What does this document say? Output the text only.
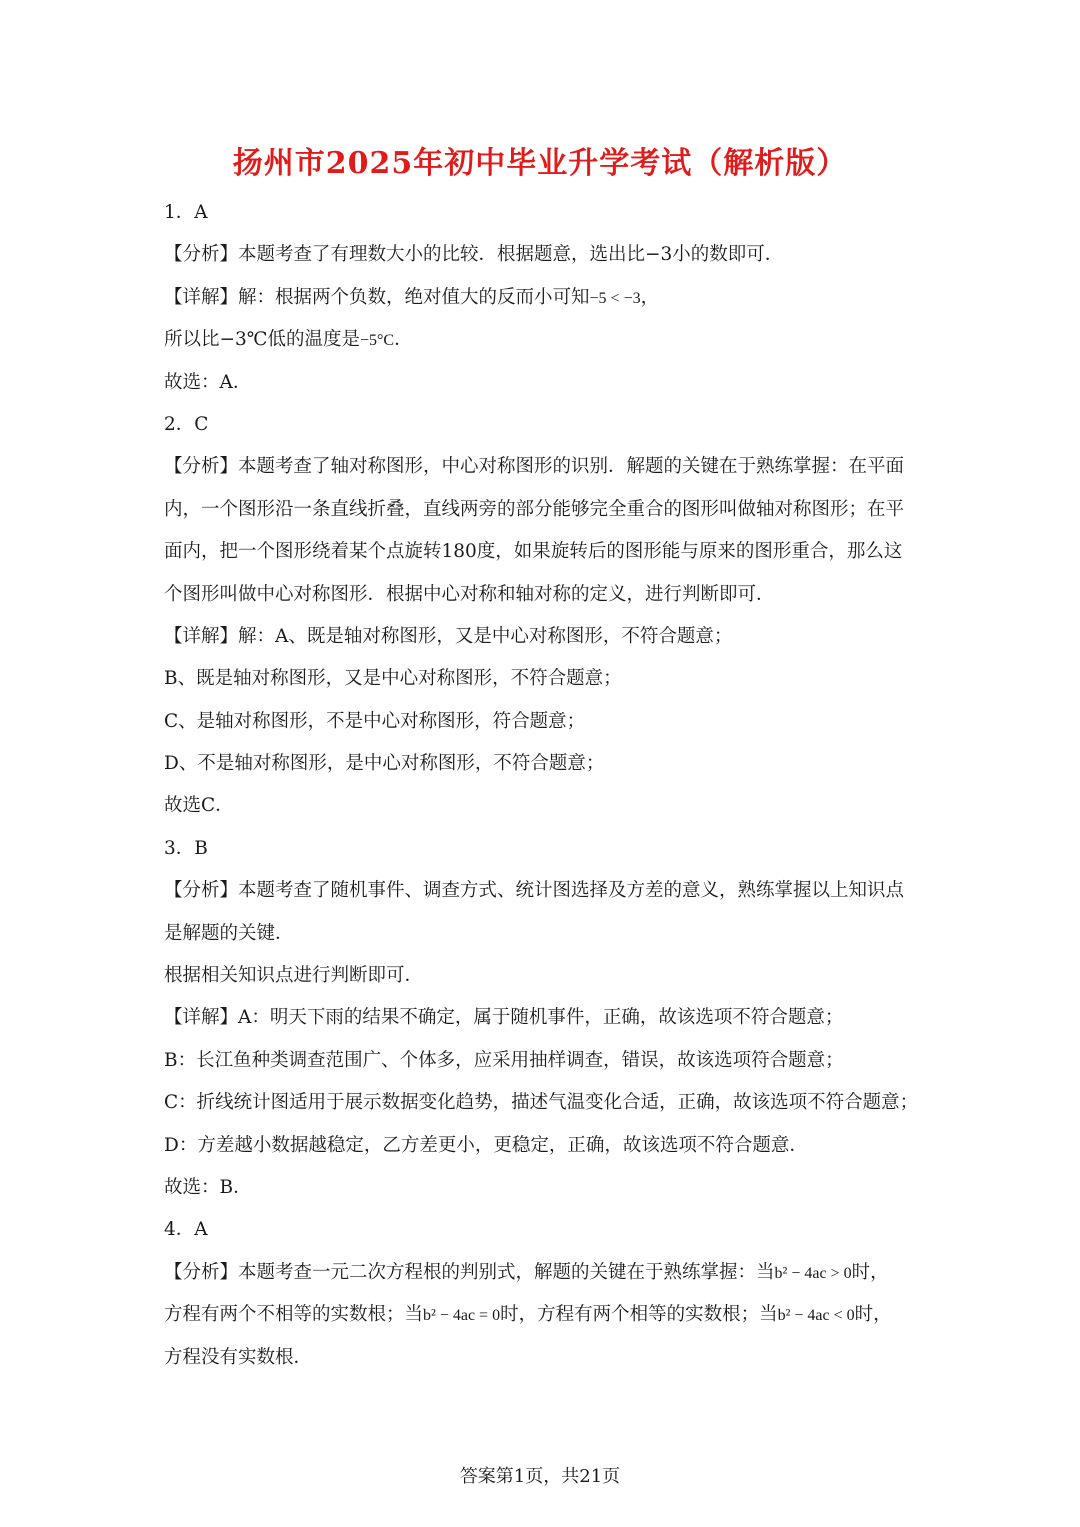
扬州市2025年初中毕业升学考试（解析版）
1．A
【分析】本题考查了有理数大小的比较．根据题意，选出比−3小的数即可．
【详解】解：根据两个负数，绝对值大的反而小可知−5 < −3，
所以比−3℃低的温度是−5°C．
故选：A．
2．C
【分析】本题考查了轴对称图形，中心对称图形的识别．解题的关键在于熟练掌握：在平面
内，一个图形沿一条直线折叠，直线两旁的部分能够完全重合的图形叫做轴对称图形；在平
面内，把一个图形绕着某个点旋转180度，如果旋转后的图形能与原来的图形重合，那么这
个图形叫做中心对称图形．根据中心对称和轴对称的定义，进行判断即可．
【详解】解：A、既是轴对称图形，又是中心对称图形，不符合题意；
B、既是轴对称图形，又是中心对称图形，不符合题意；
C、是轴对称图形，不是中心对称图形，符合题意；
D、不是轴对称图形，是中心对称图形，不符合题意；
故选C．
3．B
【分析】本题考查了随机事件、调查方式、统计图选择及方差的意义，熟练掌握以上知识点
是解题的关键．
根据相关知识点进行判断即可．
【详解】A：明天下雨的结果不确定，属于随机事件，正确，故该选项不符合题意；
B：长江鱼种类调查范围广、个体多，应采用抽样调查，错误，故该选项符合题意；
C：折线统计图适用于展示数据变化趋势，描述气温变化合适，正确，故该选项不符合题意；
D：方差越小数据越稳定，乙方差更小，更稳定，正确，故该选项不符合题意．
故选：B．
4．A
【分析】本题考查一元二次方程根的判别式，解题的关键在于熟练掌握：当b² − 4ac > 0时，
方程有两个不相等的实数根；当b² − 4ac = 0时，方程有两个相等的实数根；当b² − 4ac < 0时，
方程没有实数根．
答案第1页，共21页
